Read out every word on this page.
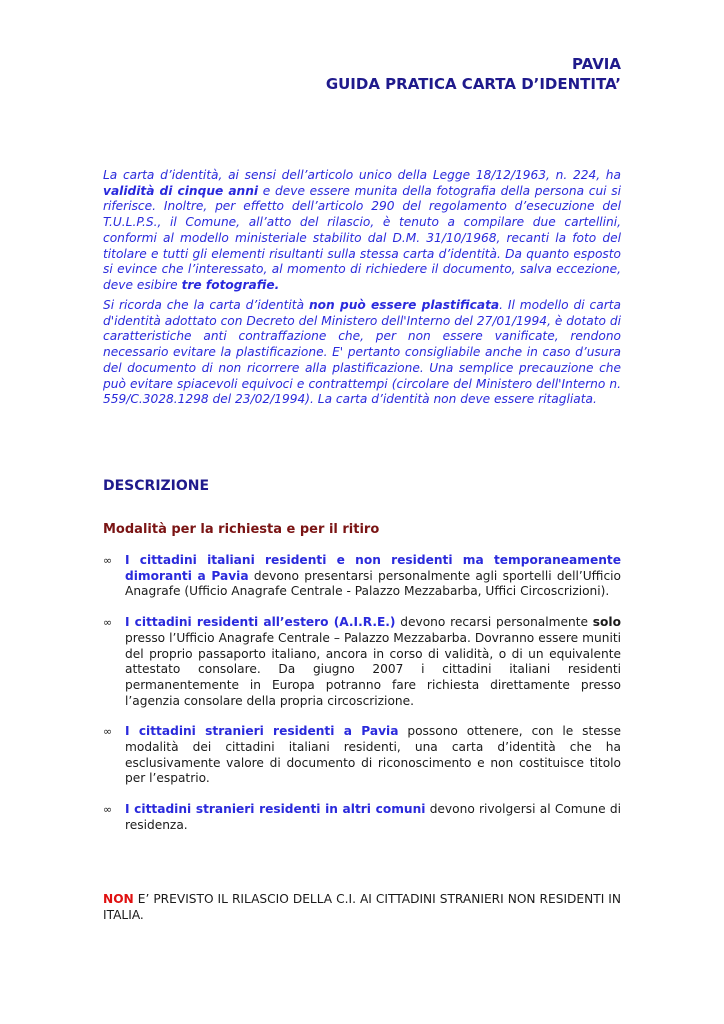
PAVIA
GUIDA PRATICA CARTA D’IDENTITA’

La carta d’identità, ai sensi dell’articolo unico della Legge 18/12/1963, n. 224, ha validità di cinque anni e deve essere munita della fotografia della persona cui si riferisce. Inoltre, per effetto dell’articolo 290 del regolamento d’esecuzione del T.U.L.P.S., il Comune, all’atto del rilascio, è tenuto a compilare due cartellini, conformi al modello ministeriale stabilito dal D.M. 31/10/1968, recanti la foto del titolare e tutti gli elementi risultanti sulla stessa carta d’identità. Da quanto esposto si evince che l’interessato, al momento di richiedere il documento, salva eccezione, deve esibire tre fotografie.

Si ricorda che la carta d’identità non può essere plastificata. Il modello di carta d'identità adottato con Decreto del Ministero dell'Interno del 27/01/1994, è dotato di caratteristiche anti contraffazione che, per non essere vanificate, rendono necessario evitare la plastificazione. E' pertanto consigliabile anche in caso d’usura del documento di non ricorrere alla plastificazione. Una semplice precauzione che può evitare spiacevoli equivoci e contrattempi (circolare del Ministero dell'Interno n. 559/C.3028.1298 del 23/02/1994). La carta d’identità non deve essere ritagliata.

DESCRIZIONE
Modalità per la richiesta e per il ritiro
∞ I cittadini italiani residenti e non residenti ma temporaneamente dimoranti a Pavia devono presentarsi personalmente agli sportelli dell’Ufficio Anagrafe (Ufficio Anagrafe Centrale - Palazzo Mezzabarba, Uffici Circoscrizioni).
∞ I cittadini residenti all’estero (A.I.R.E.) devono recarsi personalmente solo presso l’Ufficio Anagrafe Centrale – Palazzo Mezzabarba. Dovranno essere muniti del proprio passaporto italiano, ancora in corso di validità, o di un equivalente attestato consolare. Da giugno 2007 i cittadini italiani residenti permanentemente in Europa potranno fare richiesta direttamente presso l’agenzia consolare della propria circoscrizione.
∞ I cittadini stranieri residenti a Pavia possono ottenere, con le stesse modalità dei cittadini italiani residenti, una carta d’identità che ha esclusivamente valore di documento di riconoscimento e non costituisce titolo per l’espatrio.
∞ I cittadini stranieri residenti in altri comuni devono rivolgersi al Comune di residenza.
NON E’ PREVISTO IL RILASCIO DELLA C.I. AI CITTADINI STRANIERI NON RESIDENTI IN ITALIA.
